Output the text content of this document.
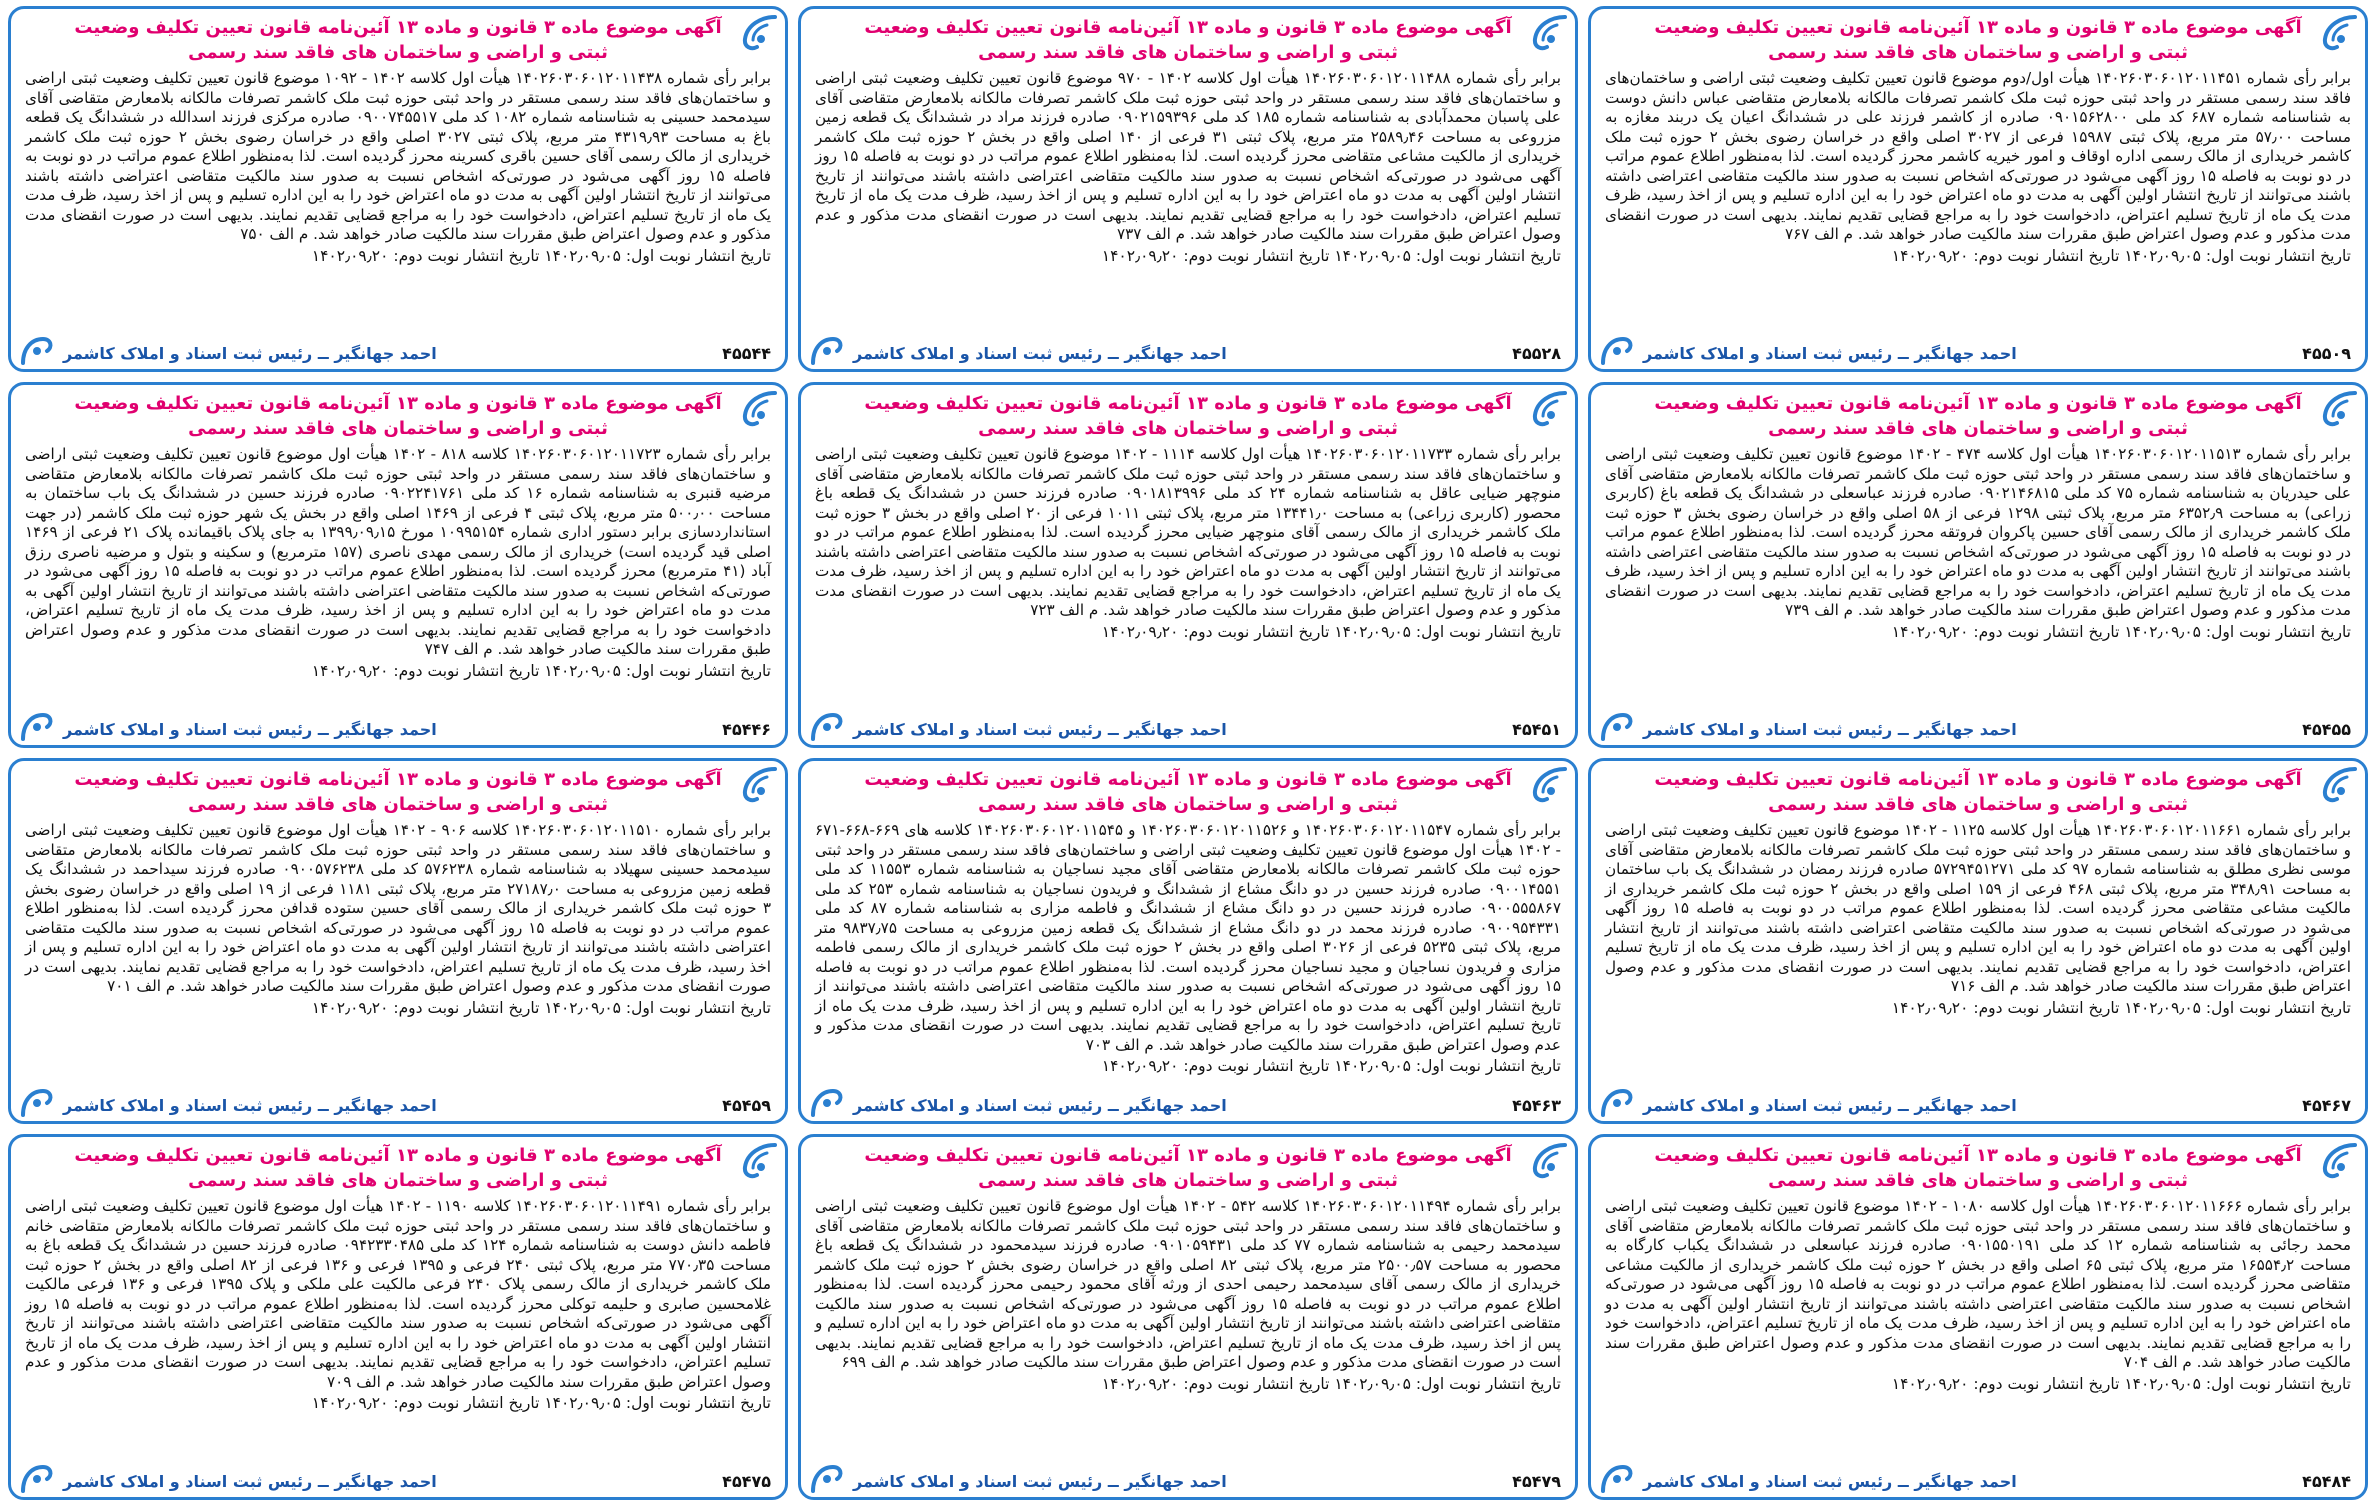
آگهی موضوع ماده ۳ قانون و ماده ۱۳ آئین‌نامه قانون تعیین تکلیف وضعیت ثبتی و اراضی و ساختمان های فاقد سند رسمی
برابر رأی شماره ۱۴۰۲۶۰۳۰۶۰۱۲۰۱۱۴۵۱ هیأت اول/دوم موضوع قانون تعیین تکلیف وضعیت ثبتی اراضی و ساختمان‌های فاقد سند رسمی مستقر در واحد ثبتی حوزه ثبت ملک کاشمر تصرفات مالکانه بلامعارض متقاضی عباس دانش دوست به شناسنامه شماره ۶۸۷ کد ملی ۰۹۰۱۵۶۲۸۰۰ صادره از کاشمر فرزند علی در ششدانگ اعیان یک دربند مغازه به مساحت ۵۷٫۰۰ متر مربع، پلاک ثبتی ۱۵۹۸۷ فرعی از ۳۰۲۷ اصلی واقع در خراسان رضوی بخش ۲ حوزه ثبت ملک کاشمر خریداری از مالک رسمی اداره اوقاف و امور خیریه کاشمر محرز گردیده است. لذا به‌منظور اطلاع عموم مراتب در دو نوبت به فاصله ۱۵ روز آگهی می‌شود در صورتی‌که اشخاص نسبت به صدور سند مالکیت متقاضی اعتراضی داشته باشند می‌توانند از تاریخ انتشار اولین آگهی به مدت دو ماه اعتراض خود را به این اداره تسلیم و پس از اخذ رسید، ظرف مدت یک ماه از تاریخ تسلیم اعتراض، دادخواست خود را به مراجع قضایی تقدیم نمایند. بدیهی است در صورت انقضای مدت مذکور و عدم وصول اعتراض طبق مقررات سند مالکیت صادر خواهد شد. م الف ۷۶۷
تاریخ انتشار نوبت اول: ۱۴۰۲٫۰۹٫۰۵ تاریخ انتشار نوبت دوم: ۱۴۰۲٫۰۹٫۲۰
۴۵۵۰۹
احمد جهانگیر ــ رئیس ثبت اسناد و املاک کاشمر
آگهی موضوع ماده ۳ قانون و ماده ۱۳ آئین‌نامه قانون تعیین تکلیف وضعیت ثبتی و اراضی و ساختمان های فاقد سند رسمی
برابر رأی شماره ۱۴۰۲۶۰۳۰۶۰۱۲۰۱۱۴۸۸ هیأت اول کلاسه ۱۴۰۲ - ۹۷۰ موضوع قانون تعیین تکلیف وضعیت ثبتی اراضی و ساختمان‌های فاقد سند رسمی مستقر در واحد ثبتی حوزه ثبت ملک کاشمر تصرفات مالکانه بلامعارض متقاضی آقای علی پاسبان محمدآبادی به شناسنامه شماره ۱۸۵ کد ملی ۰۹۰۲۱۵۹۳۹۶ صادره فرزند مراد در ششدانگ یک قطعه زمین مزروعی به مساحت ۲۵۸۹٫۴۶ متر مربع، پلاک ثبتی ۳۱ فرعی از ۱۴۰ اصلی واقع در بخش ۲ حوزه ثبت ملک کاشمر خریداری از مالکیت مشاعی متقاضی محرز گردیده است. لذا به‌منظور اطلاع عموم مراتب در دو نوبت به فاصله ۱۵ روز آگهی می‌شود در صورتی‌که اشخاص نسبت به صدور سند مالکیت متقاضی اعتراضی داشته باشند می‌توانند از تاریخ انتشار اولین آگهی به مدت دو ماه اعتراض خود را به این اداره تسلیم و پس از اخذ رسید، ظرف مدت یک ماه از تاریخ تسلیم اعتراض، دادخواست خود را به مراجع قضایی تقدیم نمایند. بدیهی است در صورت انقضای مدت مذکور و عدم وصول اعتراض طبق مقررات سند مالکیت صادر خواهد شد. م الف ۷۳۷
تاریخ انتشار نوبت اول: ۱۴۰۲٫۰۹٫۰۵ تاریخ انتشار نوبت دوم: ۱۴۰۲٫۰۹٫۲۰
۴۵۵۲۸
احمد جهانگیر ــ رئیس ثبت اسناد و املاک کاشمر
آگهی موضوع ماده ۳ قانون و ماده ۱۳ آئین‌نامه قانون تعیین تکلیف وضعیت ثبتی و اراضی و ساختمان های فاقد سند رسمی
برابر رأی شماره ۱۴۰۲۶۰۳۰۶۰۱۲۰۱۱۴۳۸ هیأت اول کلاسه ۱۴۰۲ - ۱۰۹۲ موضوع قانون تعیین تکلیف وضعیت ثبتی اراضی و ساختمان‌های فاقد سند رسمی مستقر در واحد ثبتی حوزه ثبت ملک کاشمر تصرفات مالکانه بلامعارض متقاضی آقای سیدمحمد حسینی به شناسنامه شماره ۱۰۸۲ کد ملی ۰۹۰۰۷۴۵۵۱۷ صادره مرکزی فرزند اسدالله در ششدانگ یک قطعه باغ به مساحت ۴۳۱۹٫۹۳ متر مربع، پلاک ثبتی ۳۰۲۷ اصلی واقع در خراسان رضوی بخش ۲ حوزه ثبت ملک کاشمر خریداری از مالک رسمی آقای حسین باقری کسرینه محرز گردیده است. لذا به‌منظور اطلاع عموم مراتب در دو نوبت به فاصله ۱۵ روز آگهی می‌شود در صورتی‌که اشخاص نسبت به صدور سند مالکیت متقاضی اعتراضی داشته باشند می‌توانند از تاریخ انتشار اولین آگهی به مدت دو ماه اعتراض خود را به این اداره تسلیم و پس از اخذ رسید، ظرف مدت یک ماه از تاریخ تسلیم اعتراض، دادخواست خود را به مراجع قضایی تقدیم نمایند. بدیهی است در صورت انقضای مدت مذکور و عدم وصول اعتراض طبق مقررات سند مالکیت صادر خواهد شد. م الف ۷۵۰
تاریخ انتشار نوبت اول: ۱۴۰۲٫۰۹٫۰۵ تاریخ انتشار نوبت دوم: ۱۴۰۲٫۰۹٫۲۰
۴۵۵۴۴
احمد جهانگیر ــ رئیس ثبت اسناد و املاک کاشمر
آگهی موضوع ماده ۳ قانون و ماده ۱۳ آئین‌نامه قانون تعیین تکلیف وضعیت ثبتی و اراضی و ساختمان های فاقد سند رسمی
برابر رأی شماره ۱۴۰۲۶۰۳۰۶۰۱۲۰۱۱۵۱۳ هیأت اول کلاسه ۴۷۴ - ۱۴۰۲ موضوع قانون تعیین تکلیف وضعیت ثبتی اراضی و ساختمان‌های فاقد سند رسمی مستقر در واحد ثبتی حوزه ثبت ملک کاشمر تصرفات مالکانه بلامعارض متقاضی آقای علی حیدریان به شناسنامه شماره ۷۵ کد ملی ۰۹۰۲۱۴۶۸۱۵ صادره فرزند عباسعلی در ششدانگ یک قطعه باغ (کاربری زراعی) به مساحت ۶۳۵۲٫۹ متر مربع، پلاک ثبتی ۱۲۹۸ فرعی از ۵۸ اصلی واقع در خراسان رضوی بخش ۳ حوزه ثبت ملک کاشمر خریداری از مالک رسمی آقای حسین پاکروان فروتقه محرز گردیده است. لذا به‌منظور اطلاع عموم مراتب در دو نوبت به فاصله ۱۵ روز آگهی می‌شود در صورتی‌که اشخاص نسبت به صدور سند مالکیت متقاضی اعتراضی داشته باشند می‌توانند از تاریخ انتشار اولین آگهی به مدت دو ماه اعتراض خود را به این اداره تسلیم و پس از اخذ رسید، ظرف مدت یک ماه از تاریخ تسلیم اعتراض، دادخواست خود را به مراجع قضایی تقدیم نمایند. بدیهی است در صورت انقضای مدت مذکور و عدم وصول اعتراض طبق مقررات سند مالکیت صادر خواهد شد. م الف ۷۳۹
تاریخ انتشار نوبت اول: ۱۴۰۲٫۰۹٫۰۵ تاریخ انتشار نوبت دوم: ۱۴۰۲٫۰۹٫۲۰
۴۵۴۵۵
احمد جهانگیر ــ رئیس ثبت اسناد و املاک کاشمر
آگهی موضوع ماده ۳ قانون و ماده ۱۳ آئین‌نامه قانون تعیین تکلیف وضعیت ثبتی و اراضی و ساختمان های فاقد سند رسمی
برابر رأی شماره ۱۴۰۲۶۰۳۰۶۰۱۲۰۱۱۷۳۳ هیأت اول کلاسه ۱۱۱۴ - ۱۴۰۲ موضوع قانون تعیین تکلیف وضعیت ثبتی اراضی و ساختمان‌های فاقد سند رسمی مستقر در واحد ثبتی حوزه ثبت ملک کاشمر تصرفات مالکانه بلامعارض متقاضی آقای منوچهر ضیایی عاقل به شناسنامه شماره ۲۴ کد ملی ۰۹۰۱۸۱۳۹۹۶ صادره فرزند حسن در ششدانگ یک قطعه باغ محصور (کاربری زراعی) به مساحت ۱۳۴۴۱٫۰ متر مربع، پلاک ثبتی ۱۰۱۱ فرعی از ۲۰ اصلی واقع در بخش ۳ حوزه ثبت ملک کاشمر خریداری از مالک رسمی آقای منوچهر ضیایی محرز گردیده است. لذا به‌منظور اطلاع عموم مراتب در دو نوبت به فاصله ۱۵ روز آگهی می‌شود در صورتی‌که اشخاص نسبت به صدور سند مالکیت متقاضی اعتراضی داشته باشند می‌توانند از تاریخ انتشار اولین آگهی به مدت دو ماه اعتراض خود را به این اداره تسلیم و پس از اخذ رسید، ظرف مدت یک ماه از تاریخ تسلیم اعتراض، دادخواست خود را به مراجع قضایی تقدیم نمایند. بدیهی است در صورت انقضای مدت مذکور و عدم وصول اعتراض طبق مقررات سند مالکیت صادر خواهد شد. م الف ۷۲۳
تاریخ انتشار نوبت اول: ۱۴۰۲٫۰۹٫۰۵ تاریخ انتشار نوبت دوم: ۱۴۰۲٫۰۹٫۲۰
۴۵۴۵۱
احمد جهانگیر ــ رئیس ثبت اسناد و املاک کاشمر
آگهی موضوع ماده ۳ قانون و ماده ۱۳ آئین‌نامه قانون تعیین تکلیف وضعیت ثبتی و اراضی و ساختمان های فاقد سند رسمی
برابر رأی شماره ۱۴۰۲۶۰۳۰۶۰۱۲۰۱۱۷۲۳ کلاسه ۸۱۸ - ۱۴۰۲ هیأت اول موضوع قانون تعیین تکلیف وضعیت ثبتی اراضی و ساختمان‌های فاقد سند رسمی مستقر در واحد ثبتی حوزه ثبت ملک کاشمر تصرفات مالکانه بلامعارض متقاضی مرضیه قنبری به شناسنامه شماره ۱۶ کد ملی ۰۹۰۲۲۴۱۷۶۱ صادره فرزند حسین در ششدانگ یک باب ساختمان به مساحت ۵۰۰٫۰۰ متر مربع، پلاک ثبتی ۴ فرعی از ۱۴۶۹ اصلی واقع در بخش یک شهر حوزه ثبت ملک کاشمر (در جهت استانداردسازی برابر دستور اداری شماره ۱۰۹۹۵۱۵۴ مورخ ۱۳۹۹٫۰۹٫۱۵ به جای پلاک باقیمانده پلاک ۲۱ فرعی از ۱۴۶۹ اصلی قید گردیده است) خریداری از مالک رسمی مهدی ناصری (۱۵۷ مترمربع) و سکینه و بتول و مرضیه ناصری رزق آباد (۴۱ مترمربع) محرز گردیده است. لذا به‌منظور اطلاع عموم مراتب در دو نوبت به فاصله ۱۵ روز آگهی می‌شود در صورتی‌که اشخاص نسبت به صدور سند مالکیت متقاضی اعتراضی داشته باشند می‌توانند از تاریخ انتشار اولین آگهی به مدت دو ماه اعتراض خود را به این اداره تسلیم و پس از اخذ رسید، ظرف مدت یک ماه از تاریخ تسلیم اعتراض، دادخواست خود را به مراجع قضایی تقدیم نمایند. بدیهی است در صورت انقضای مدت مذکور و عدم وصول اعتراض طبق مقررات سند مالکیت صادر خواهد شد. م الف ۷۴۷
تاریخ انتشار نوبت اول: ۱۴۰۲٫۰۹٫۰۵ تاریخ انتشار نوبت دوم: ۱۴۰۲٫۰۹٫۲۰
۴۵۴۴۶
احمد جهانگیر ــ رئیس ثبت اسناد و املاک کاشمر
آگهی موضوع ماده ۳ قانون و ماده ۱۳ آئین‌نامه قانون تعیین تکلیف وضعیت ثبتی و اراضی و ساختمان های فاقد سند رسمی
برابر رأی شماره ۱۴۰۲۶۰۳۰۶۰۱۲۰۱۱۶۶۱ هیأت اول کلاسه ۱۱۲۵ - ۱۴۰۲ موضوع قانون تعیین تکلیف وضعیت ثبتی اراضی و ساختمان‌های فاقد سند رسمی مستقر در واحد ثبتی حوزه ثبت ملک کاشمر تصرفات مالکانه بلامعارض متقاضی آقای موسی نظری مطلق به شناسنامه شماره ۹۷ کد ملی ۵۷۲۹۴۵۱۲۷۱ صادره فرزند رمضان در ششدانگ یک باب ساختمان به مساحت ۳۴۸٫۹۱ متر مربع، پلاک ثبتی ۴۶۸ فرعی از ۱۵۹ اصلی واقع در بخش ۲ حوزه ثبت ملک کاشمر خریداری از مالکیت مشاعی متقاضی محرز گردیده است. لذا به‌منظور اطلاع عموم مراتب در دو نوبت به فاصله ۱۵ روز آگهی می‌شود در صورتی‌که اشخاص نسبت به صدور سند مالکیت متقاضی اعتراضی داشته باشند می‌توانند از تاریخ انتشار اولین آگهی به مدت دو ماه اعتراض خود را به این اداره تسلیم و پس از اخذ رسید، ظرف مدت یک ماه از تاریخ تسلیم اعتراض، دادخواست خود را به مراجع قضایی تقدیم نمایند. بدیهی است در صورت انقضای مدت مذکور و عدم وصول اعتراض طبق مقررات سند مالکیت صادر خواهد شد. م الف ۷۱۶
تاریخ انتشار نوبت اول: ۱۴۰۲٫۰۹٫۰۵ تاریخ انتشار نوبت دوم: ۱۴۰۲٫۰۹٫۲۰
۴۵۴۶۷
احمد جهانگیر ــ رئیس ثبت اسناد و املاک کاشمر
آگهی موضوع ماده ۳ قانون و ماده ۱۳ آئین‌نامه قانون تعیین تکلیف وضعیت ثبتی و اراضی و ساختمان های فاقد سند رسمی
برابر رأی شماره ۱۴۰۲۶۰۳۰۶۰۱۲۰۱۱۵۴۷ و ۱۴۰۲۶۰۳۰۶۰۱۲۰۱۱۵۲۶ و ۱۴۰۲۶۰۳۰۶۰۱۲۰۱۱۵۴۵ کلاسه های ۶۶۹-۶۶۸-۶۷۱ - ۱۴۰۲ هیأت اول موضوع قانون تعیین تکلیف وضعیت ثبتی اراضی و ساختمان‌های فاقد سند رسمی مستقر در واحد ثبتی حوزه ثبت ملک کاشمر تصرفات مالکانه بلامعارض متقاضی آقای مجید نساجیان به شناسنامه شماره ۱۱۵۵۳ کد ملی ۰۹۰۰۱۴۵۵۱ صادره فرزند حسین در دو دانگ مشاع از ششدانگ و فریدون نساجیان به شناسنامه شماره ۲۵۳ کد ملی ۰۹۰۰۵۵۵۸۶۷ صادره فرزند حسین در دو دانگ مشاع از ششدانگ و فاطمه مزاری به شناسنامه شماره ۸۷ کد ملی ۰۹۰۰۹۵۴۳۳۱ صادره فرزند محمد در دو دانگ مشاع از ششدانگ یک قطعه زمین مزروعی به مساحت ۹۸۳۷٫۷۵ متر مربع، پلاک ثبتی ۵۲۳۵ فرعی از ۳۰۲۶ اصلی واقع در بخش ۲ حوزه ثبت ملک کاشمر خریداری از مالک رسمی فاطمه مزاری و فریدون نساجیان و مجید نساجیان محرز گردیده است. لذا به‌منظور اطلاع عموم مراتب در دو نوبت به فاصله ۱۵ روز آگهی می‌شود در صورتی‌که اشخاص نسبت به صدور سند مالکیت متقاضی اعتراضی داشته باشند می‌توانند از تاریخ انتشار اولین آگهی به مدت دو ماه اعتراض خود را به این اداره تسلیم و پس از اخذ رسید، ظرف مدت یک ماه از تاریخ تسلیم اعتراض، دادخواست خود را به مراجع قضایی تقدیم نمایند. بدیهی است در صورت انقضای مدت مذکور و عدم وصول اعتراض طبق مقررات سند مالکیت صادر خواهد شد. م الف ۷۰۳
تاریخ انتشار نوبت اول: ۱۴۰۲٫۰۹٫۰۵ تاریخ انتشار نوبت دوم: ۱۴۰۲٫۰۹٫۲۰
۴۵۴۶۳
احمد جهانگیر ــ رئیس ثبت اسناد و املاک کاشمر
آگهی موضوع ماده ۳ قانون و ماده ۱۳ آئین‌نامه قانون تعیین تکلیف وضعیت ثبتی و اراضی و ساختمان های فاقد سند رسمی
برابر رأی شماره ۱۴۰۲۶۰۳۰۶۰۱۲۰۱۱۵۱۰ کلاسه ۹۰۶ - ۱۴۰۲ هیأت اول موضوع قانون تعیین تکلیف وضعیت ثبتی اراضی و ساختمان‌های فاقد سند رسمی مستقر در واحد ثبتی حوزه ثبت ملک کاشمر تصرفات مالکانه بلامعارض متقاضی سیدمحمد حسینی سهیلاد به شناسنامه شماره ۵۷۶۲۳۸ کد ملی ۰۹۰۰۵۷۶۲۳۸ صادره فرزند سیداحمد در ششدانگ یک قطعه زمین مزروعی به مساحت ۲۷۱۸۷٫۰ متر مربع، پلاک ثبتی ۱۱۸۱ فرعی از ۱۹ اصلی واقع در خراسان رضوی بخش ۳ حوزه ثبت ملک کاشمر خریداری از مالک رسمی آقای حسین ستوده قدافن محرز گردیده است. لذا به‌منظور اطلاع عموم مراتب در دو نوبت به فاصله ۱۵ روز آگهی می‌شود در صورتی‌که اشخاص نسبت به صدور سند مالکیت متقاضی اعتراضی داشته باشند می‌توانند از تاریخ انتشار اولین آگهی به مدت دو ماه اعتراض خود را به این اداره تسلیم و پس از اخذ رسید، ظرف مدت یک ماه از تاریخ تسلیم اعتراض، دادخواست خود را به مراجع قضایی تقدیم نمایند. بدیهی است در صورت انقضای مدت مذکور و عدم وصول اعتراض طبق مقررات سند مالکیت صادر خواهد شد. م الف ۷۰۱
تاریخ انتشار نوبت اول: ۱۴۰۲٫۰۹٫۰۵ تاریخ انتشار نوبت دوم: ۱۴۰۲٫۰۹٫۲۰
۴۵۴۵۹
احمد جهانگیر ــ رئیس ثبت اسناد و املاک کاشمر
آگهی موضوع ماده ۳ قانون و ماده ۱۳ آئین‌نامه قانون تعیین تکلیف وضعیت ثبتی و اراضی و ساختمان های فاقد سند رسمی
برابر رأی شماره ۱۴۰۲۶۰۳۰۶۰۱۲۰۱۱۶۶۶ هیأت اول کلاسه ۱۰۸۰ - ۱۴۰۲ موضوع قانون تعیین تکلیف وضعیت ثبتی اراضی و ساختمان‌های فاقد سند رسمی مستقر در واحد ثبتی حوزه ثبت ملک کاشمر تصرفات مالکانه بلامعارض متقاضی آقای محمد رجائی به شناسنامه شماره ۱۲ کد ملی ۰۹۰۱۵۵۰۱۹۱ صادره فرزند عباسعلی در ششدانگ یکباب کارگاه به مساحت ۱۶۵۵۴٫۲ متر مربع، پلاک ثبتی ۶۵ اصلی واقع در بخش ۲ حوزه ثبت ملک کاشمر خریداری از مالکیت مشاعی متقاضی محرز گردیده است. لذا به‌منظور اطلاع عموم مراتب در دو نوبت به فاصله ۱۵ روز آگهی می‌شود در صورتی‌که اشخاص نسبت به صدور سند مالکیت متقاضی اعتراضی داشته باشند می‌توانند از تاریخ انتشار اولین آگهی به مدت دو ماه اعتراض خود را به این اداره تسلیم و پس از اخذ رسید، ظرف مدت یک ماه از تاریخ تسلیم اعتراض، دادخواست خود را به مراجع قضایی تقدیم نمایند. بدیهی است در صورت انقضای مدت مذکور و عدم وصول اعتراض طبق مقررات سند مالکیت صادر خواهد شد. م الف ۷۰۴
تاریخ انتشار نوبت اول: ۱۴۰۲٫۰۹٫۰۵ تاریخ انتشار نوبت دوم: ۱۴۰۲٫۰۹٫۲۰
۴۵۴۸۴
احمد جهانگیر ــ رئیس ثبت اسناد و املاک کاشمر
آگهی موضوع ماده ۳ قانون و ماده ۱۳ آئین‌نامه قانون تعیین تکلیف وضعیت ثبتی و اراضی و ساختمان های فاقد سند رسمی
برابر رأی شماره ۱۴۰۲۶۰۳۰۶۰۱۲۰۱۱۴۹۴ کلاسه ۵۴۲ - ۱۴۰۲ هیأت اول موضوع قانون تعیین تکلیف وضعیت ثبتی اراضی و ساختمان‌های فاقد سند رسمی مستقر در واحد ثبتی حوزه ثبت ملک کاشمر تصرفات مالکانه بلامعارض متقاضی آقای سیدمحمد رحیمی به شناسنامه شماره ۷۷ کد ملی ۰۹۰۱۰۵۹۴۳۱ صادره فرزند سیدمحمود در ششدانگ یک قطعه باغ محصور به مساحت ۲۵۰۰٫۵۷ متر مربع، پلاک ثبتی ۸۲ اصلی واقع در خراسان رضوی بخش ۲ حوزه ثبت ملک کاشمر خریداری از مالک رسمی آقای سیدمحمد رحیمی احدی از ورثه آقای محمود رحیمی محرز گردیده است. لذا به‌منظور اطلاع عموم مراتب در دو نوبت به فاصله ۱۵ روز آگهی می‌شود در صورتی‌که اشخاص نسبت به صدور سند مالکیت متقاضی اعتراضی داشته باشند می‌توانند از تاریخ انتشار اولین آگهی به مدت دو ماه اعتراض خود را به این اداره تسلیم و پس از اخذ رسید، ظرف مدت یک ماه از تاریخ تسلیم اعتراض، دادخواست خود را به مراجع قضایی تقدیم نمایند. بدیهی است در صورت انقضای مدت مذکور و عدم وصول اعتراض طبق مقررات سند مالکیت صادر خواهد شد. م الف ۶۹۹
تاریخ انتشار نوبت اول: ۱۴۰۲٫۰۹٫۰۵ تاریخ انتشار نوبت دوم: ۱۴۰۲٫۰۹٫۲۰
۴۵۴۷۹
احمد جهانگیر ــ رئیس ثبت اسناد و املاک کاشمر
آگهی موضوع ماده ۳ قانون و ماده ۱۳ آئین‌نامه قانون تعیین تکلیف وضعیت ثبتی و اراضی و ساختمان های فاقد سند رسمی
برابر رأی شماره ۱۴۰۲۶۰۳۰۶۰۱۲۰۱۱۴۹۱ کلاسه ۱۱۹۰ - ۱۴۰۲ هیأت اول موضوع قانون تعیین تکلیف وضعیت ثبتی اراضی و ساختمان‌های فاقد سند رسمی مستقر در واحد ثبتی حوزه ثبت ملک کاشمر تصرفات مالکانه بلامعارض متقاضی خانم فاطمه دانش دوست به شناسنامه شماره ۱۲۴ کد ملی ۰۹۴۲۳۳۰۴۸۵ صادره فرزند حسین در ششدانگ یک قطعه باغ به مساحت ۷۷۰٫۳۵ متر مربع، پلاک ثبتی ۲۴۰ فرعی و ۱۳۹۵ فرعی و ۱۳۶ فرعی از ۸۲ اصلی واقع در بخش ۲ حوزه ثبت ملک کاشمر خریداری از مالک رسمی پلاک ۲۴۰ فرعی مالکیت علی ملکی و پلاک ۱۳۹۵ فرعی و ۱۳۶ فرعی مالکیت غلامحسین صابری و حلیمه توکلی محرز گردیده است. لذا به‌منظور اطلاع عموم مراتب در دو نوبت به فاصله ۱۵ روز آگهی می‌شود در صورتی‌که اشخاص نسبت به صدور سند مالکیت متقاضی اعتراضی داشته باشند می‌توانند از تاریخ انتشار اولین آگهی به مدت دو ماه اعتراض خود را به این اداره تسلیم و پس از اخذ رسید، ظرف مدت یک ماه از تاریخ تسلیم اعتراض، دادخواست خود را به مراجع قضایی تقدیم نمایند. بدیهی است در صورت انقضای مدت مذکور و عدم وصول اعتراض طبق مقررات سند مالکیت صادر خواهد شد. م الف ۷۰۹
تاریخ انتشار نوبت اول: ۱۴۰۲٫۰۹٫۰۵ تاریخ انتشار نوبت دوم: ۱۴۰۲٫۰۹٫۲۰
۴۵۴۷۵
احمد جهانگیر ــ رئیس ثبت اسناد و املاک کاشمر
